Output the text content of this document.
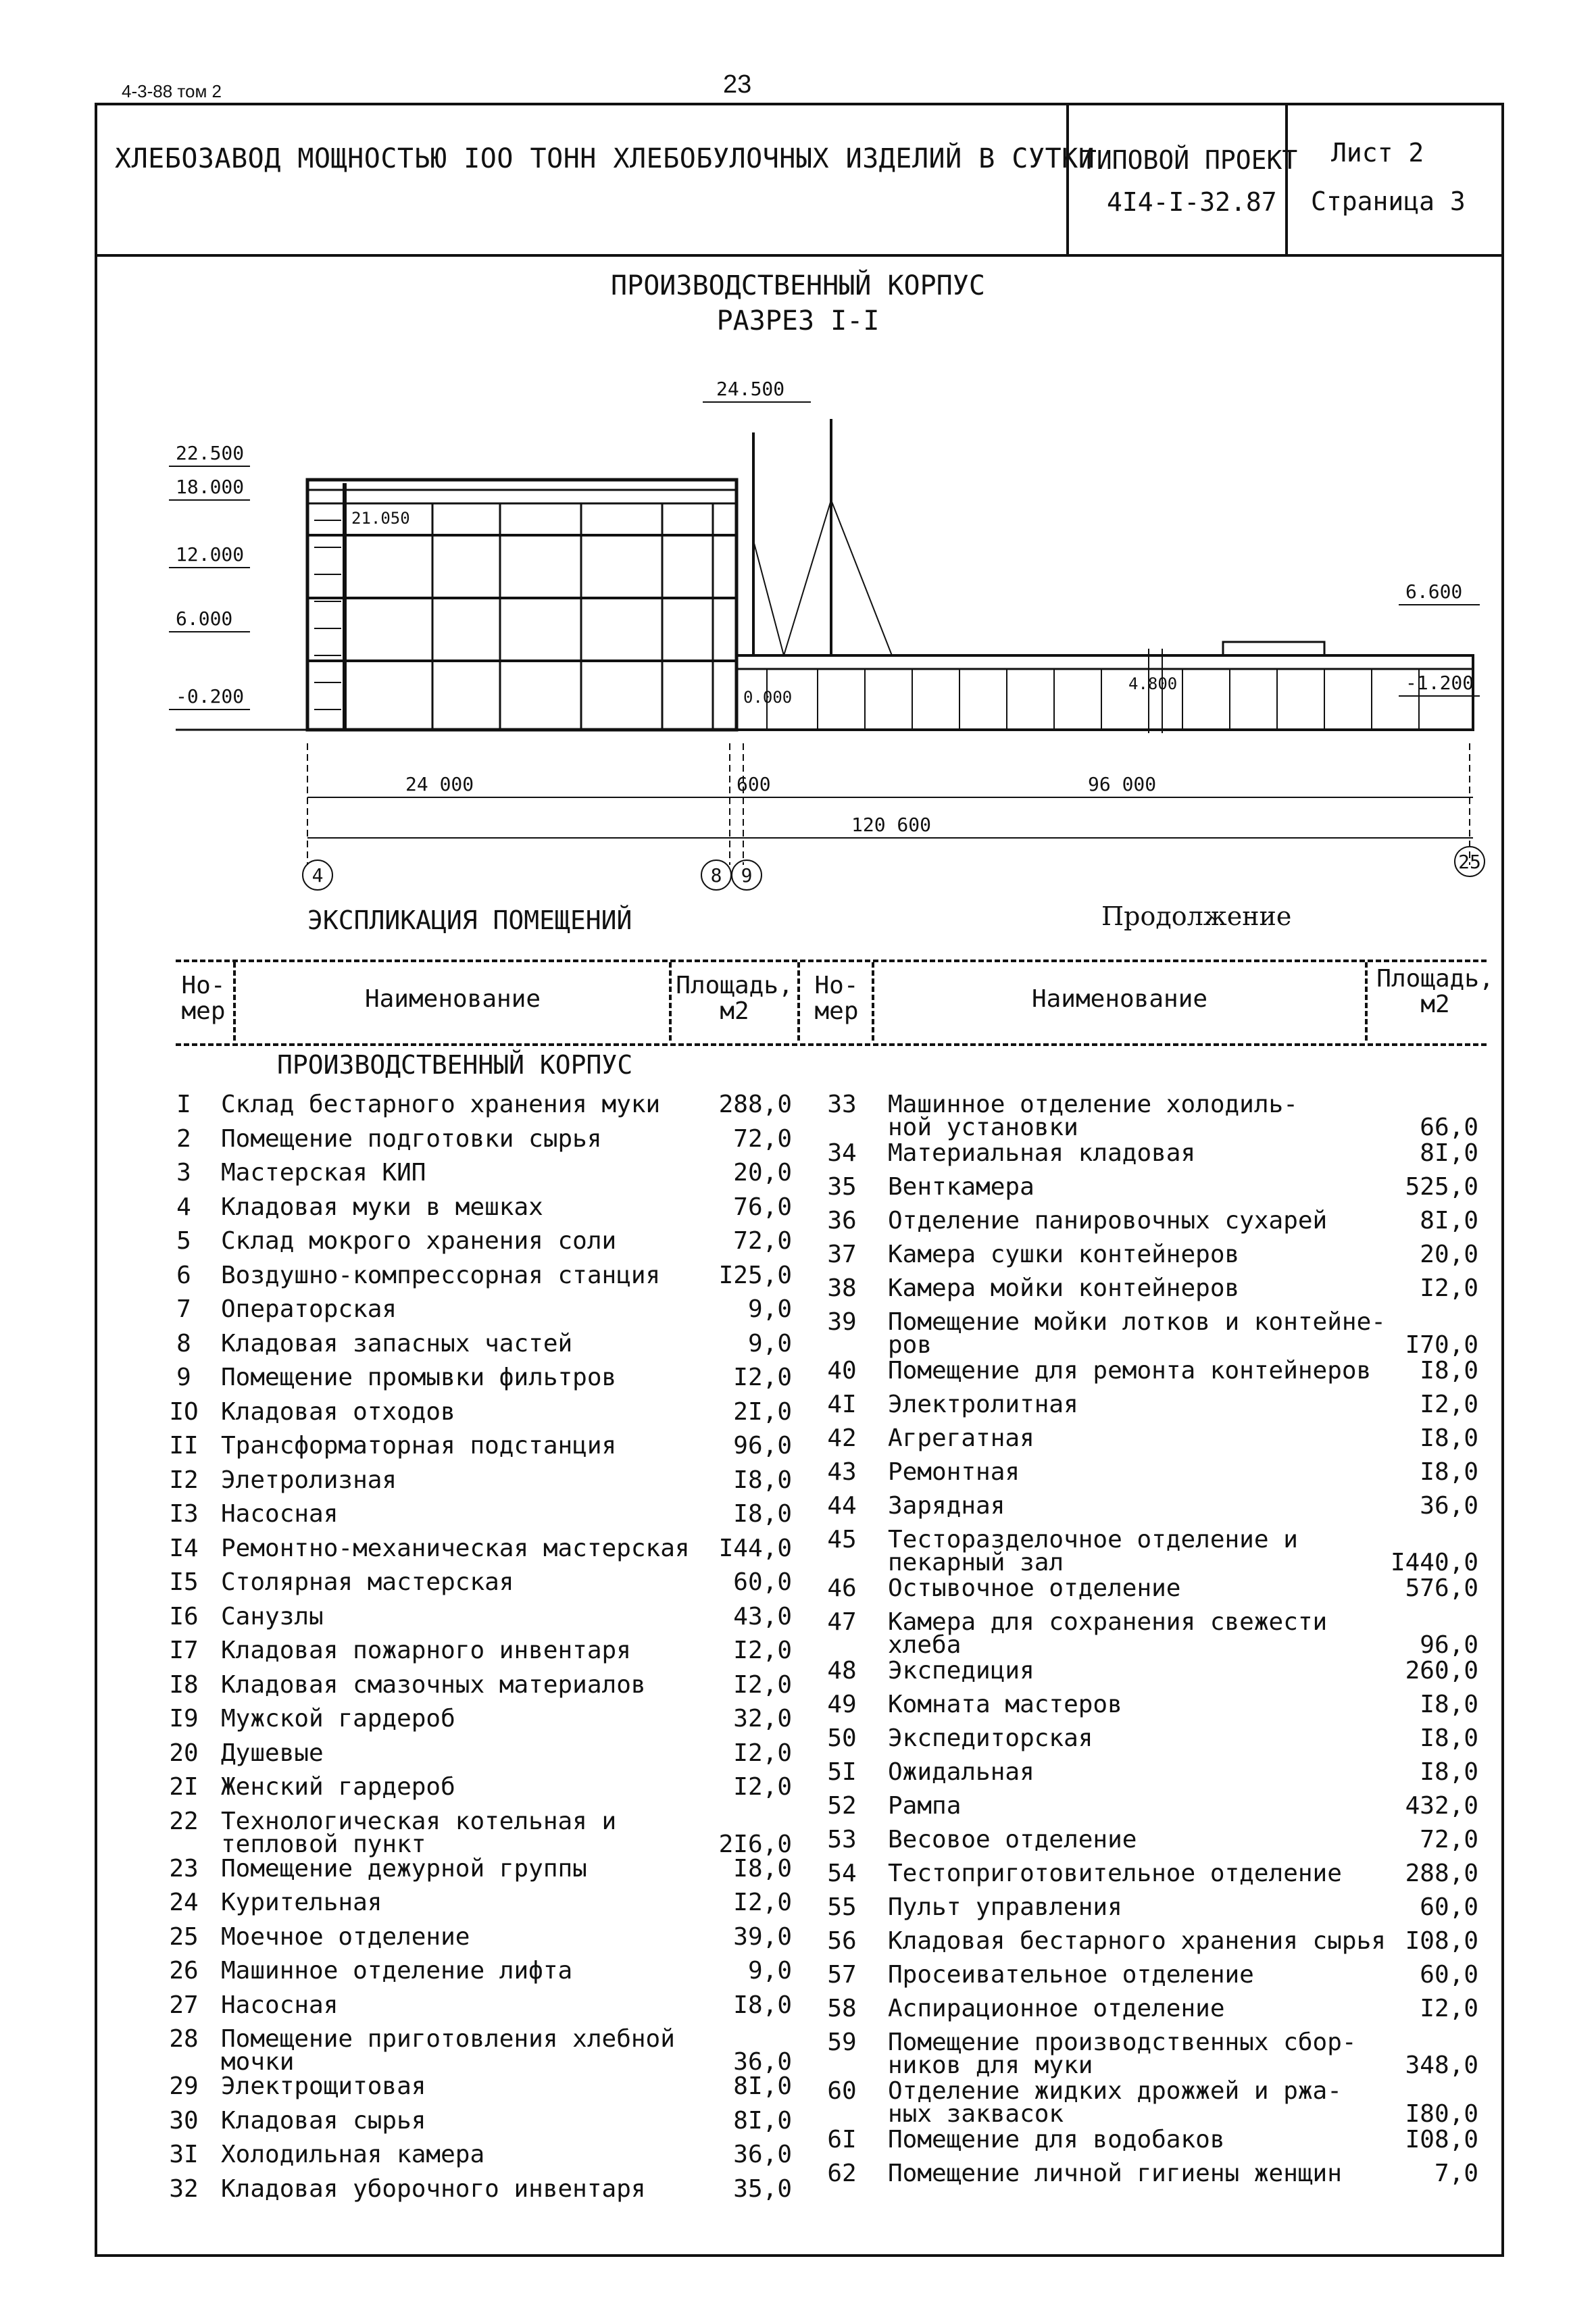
4-3-88 том 2	23
ХЛЕБОЗАВОД МОЩНОСТЬЮ IOO ТОНН ХЛЕБОБУЛОЧНЫХ ИЗДЕЛИЙ В СУТКИ
ТИПОВОЙ ПРОЕКТ
4I4-I-32.87
Лист 2
Страница 3
ПРОИЗВОДСТВЕННЫЙ КОРПУС
РАЗРЕЗ I-I
22.500
18.000
12.000
6.000
-0.200
24.500
6.600
-1.200
21.050
0.000
4.800
24 000	600	96 000
120 600
4	8 9
25
ЭКСПЛИКАЦИЯ ПОМЕЩЕНИЙ	Продолжение
Но-
мер	Наименование	Площадь,
м2
Но-
мер	Наименование
Площадь,
м2
ПРОИЗВОДСТВЕННЫЙ КОРПУС
I	Склад бестарного хранения муки	288,0
2	Помещение подготовки сырья	72,0
3	Мастерская КИП	20,0
4	Кладовая муки в мешках	76,0
5	Склад мокрого хранения соли	72,0
6	Воздушно-компрессорная станция	I25,0
7	Операторская	9,0
8	Кладовая запасных частей	9,0
9	Помещение промывки фильтров	I2,0
IO Кладовая отходов	2I,0
II Трансформаторная подстанция	96,0
I2 Элетролизная	I8,0
I3 Насосная	I8,0
I4 Ремонтно-механическая мастерская	I44,0
I5 Столярная мастерская	60,0
I6 Санузлы	43,0
I7 Кладовая пожарного инвентаря	I2,0
I8 Кладовая смазочных материалов	I2,0
I9 Мужской гардероб	32,0
20 Душевые	I2,0
2I Женский гардероб	I2,0
22 Технологическая котельная и
тепловой пункт	2I6,0
23 Помещение дежурной группы	I8,0
24 Курительная	I2,0
25 Моечное отделение	39,0
26 Машинное отделение лифта	9,0
27 Насосная	I8,0
28 Помещение приготовления хлебной
мочки	36,0
29 Электрощитовая	8I,0
30 Кладовая сырья	8I,0
3I Холодильная камера	36,0
32 Кладовая уборочного инвентаря	35,0
33	Машинное отделение холодиль-
ной установки	66,0
34	Материальная кладовая	8I,0
35	Венткамера	525,0
36	Отделение панировочных сухарей	8I,0
37	Камера сушки контейнеров	20,0
38	Камера мойки контейнеров	I2,0
39	Помещение мойки лотков и контейне-
ров	I70,0
40	Помещение для ремонта контейнеров	I8,0
4I	Электролитная	I2,0
42	Агрегатная	I8,0
43	Ремонтная	I8,0
44	Зарядная	36,0
45	Тесторазделочное отделение и
пекарный зал	I440,0
46	Остывочное отделение	576,0
47	Камера для сохранения свежести
хлеба	96,0
48	Экспедиция	260,0
49	Комната мастеров	I8,0
50	Экспедиторская	I8,0
5I	Ожидальная	I8,0
52	Рампа	432,0
53	Весовое отделение	72,0
54	Тестоприготовительное отделение	288,0
55	Пульт управления	60,0
56	Кладовая бестарного хранения сырья I08,0
57	Просеивательное отделение	60,0
58	Аспирационное отделение	I2,0
59	Помещение производственных сбор-
ников для муки	348,0
60	Отделение жидких дрожжей и ржа-
ных заквасок	I80,0
6I	Помещение для водобаков	I08,0
62	Помещение личной гигиены женщин	7,0
